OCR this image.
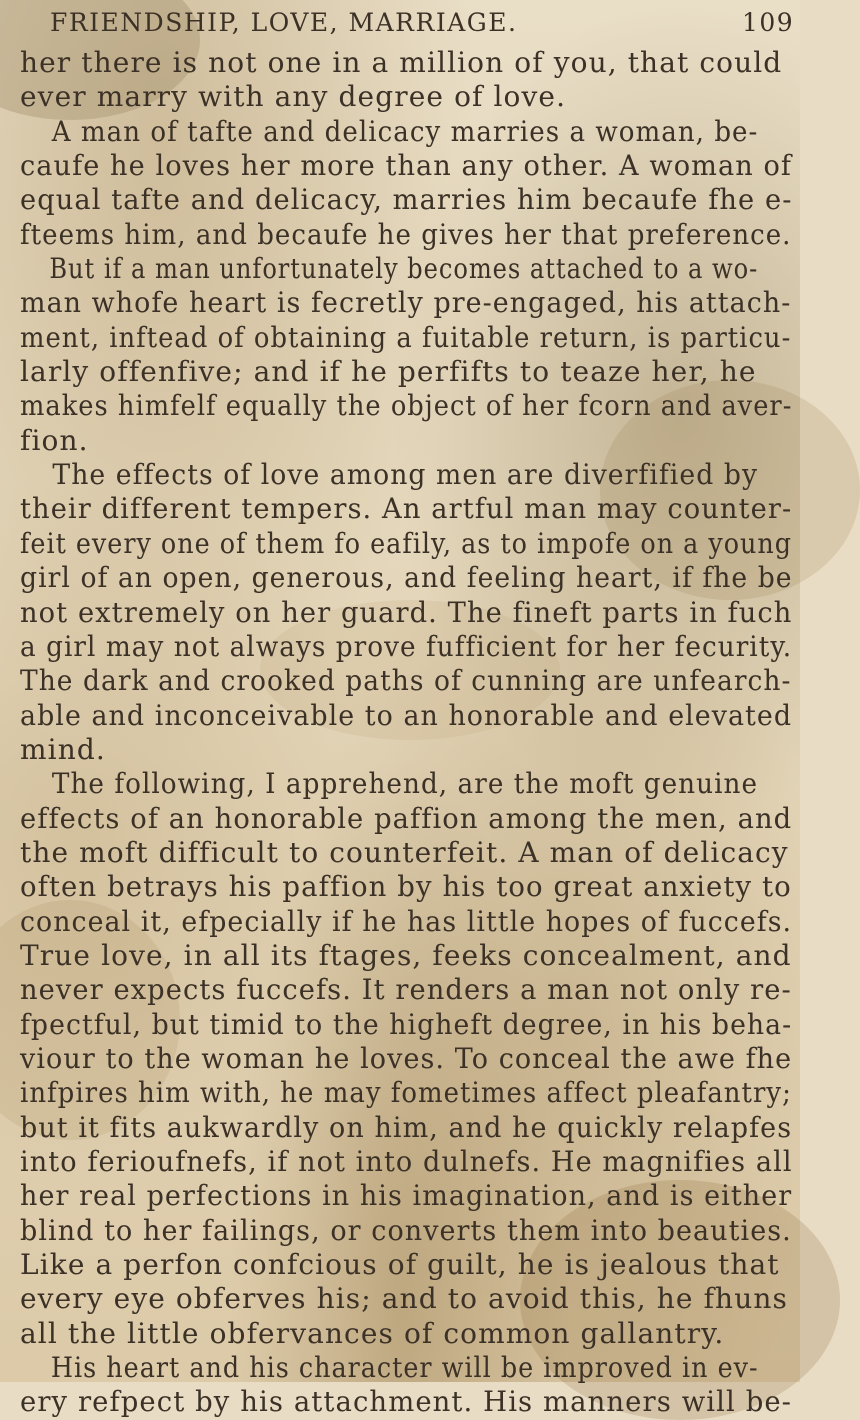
FRIENDSHIP, LOVE, MARRIAGE.	109
her there is not one in a million of you, that could
ever marry with any degree of love.
A man of tafte and delicacy marries a woman, be-
caufe he loves her more than any other. A woman of
equal tafte and delicacy, marries him becaufe fhe e-
fteems him, and becaufe he gives her that preference.
But if a man unfortunately becomes attached to a wo-
man whofe heart is fecretly pre-engaged, his attach-
ment, inftead of obtaining a fuitable return, is particu-
larly offenfive; and if he perfifts to teaze her, he
makes himfelf equally the object of her fcorn and aver-
fion.
The effects of love among men are diverfified by
their different tempers. An artful man may counter-
feit every one of them fo eafily, as to impofe on a young
girl of an open, generous, and feeling heart, if fhe be
not extremely on her guard. The fineft parts in fuch
a girl may not always prove fufficient for her fecurity.
The dark and crooked paths of cunning are unfearch-
able and inconceivable to an honorable and elevated
mind.
The following, I apprehend, are the moft genuine
effects of an honorable paffion among the men, and
the moft difficult to counterfeit. A man of delicacy
often betrays his paffion by his too great anxiety to
conceal it, efpecially if he has little hopes of fuccefs.
True love, in all its ftages, feeks concealment, and
never expects fuccefs. It renders a man not only re-
fpectful, but timid to the higheft degree, in his beha-
viour to the woman he loves. To conceal the awe fhe
infpires him with, he may fometimes affect pleafantry;
but it fits aukwardly on him, and he quickly relapfes
into ferioufnefs, if not into dulnefs. He magnifies all
her real perfections in his imagination, and is either
blind to her failings, or converts them into beauties.
Like a perfon confcious of guilt, he is jealous that
every eye obferves his; and to avoid this, he fhuns
all the little obfervances of common gallantry.
His heart and his character will be improved in ev-
ery refpect by his attachment. His manners will be-
